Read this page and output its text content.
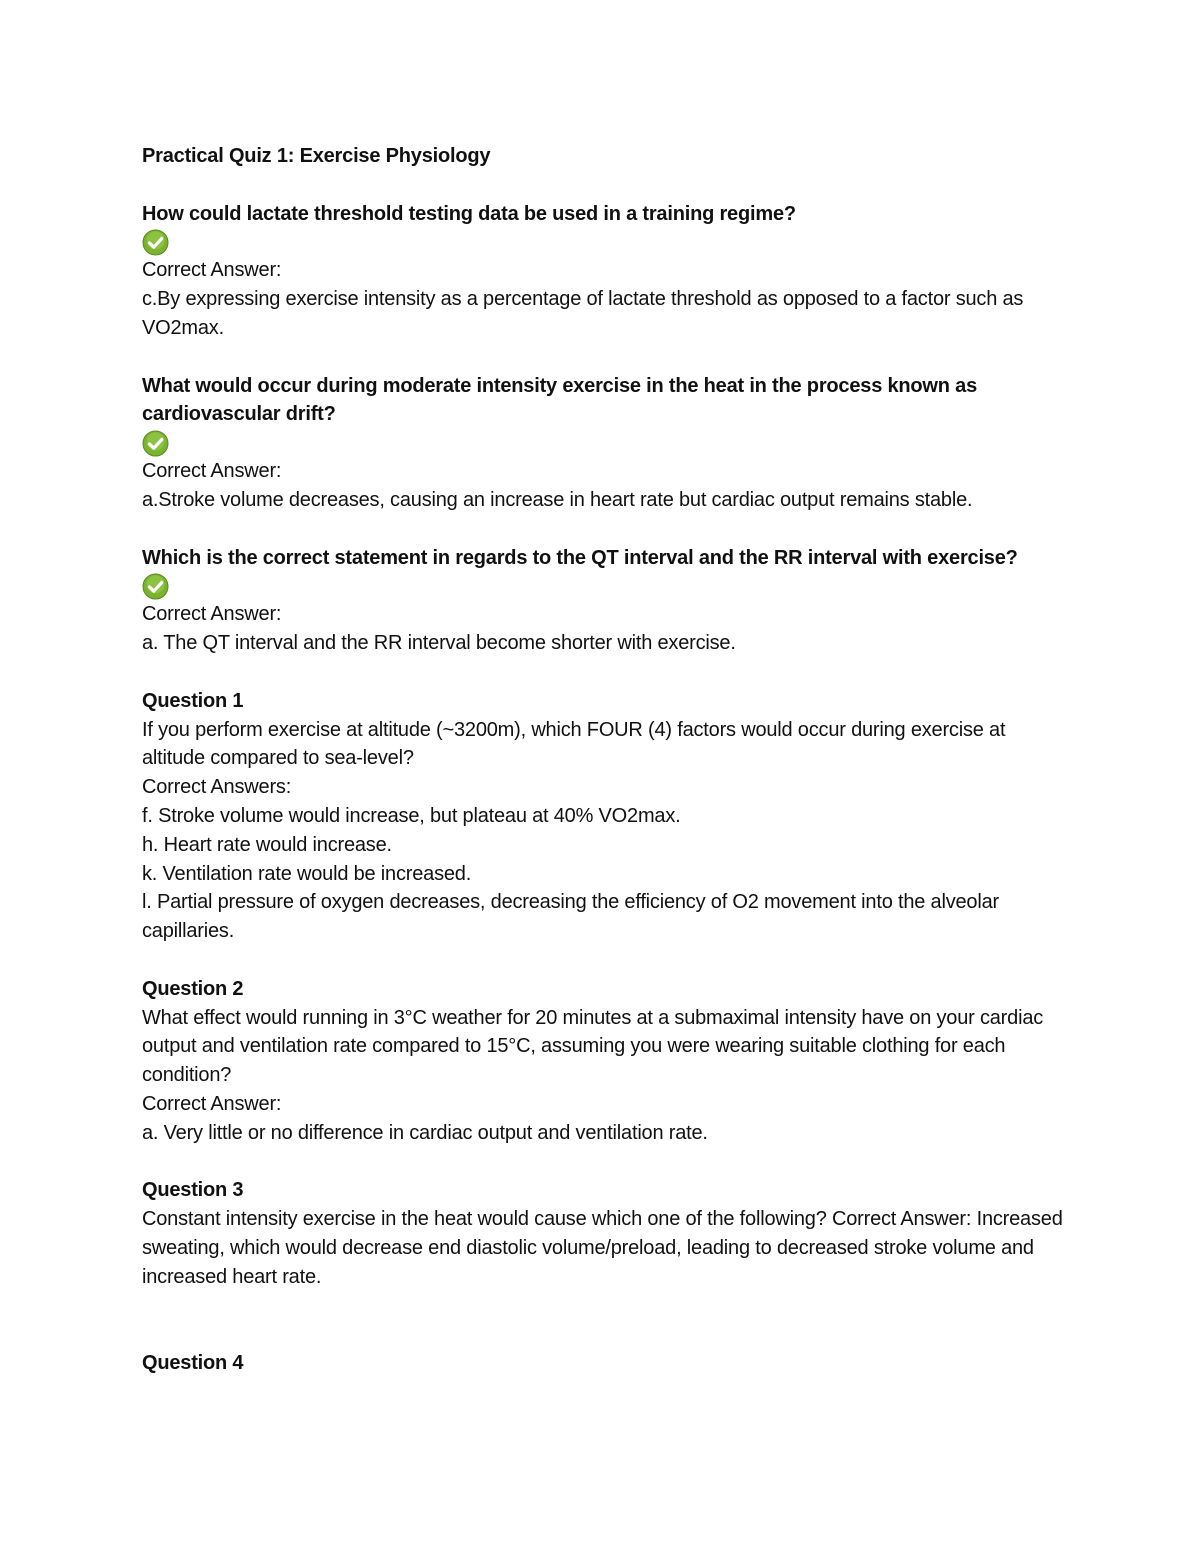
Practical Quiz 1: Exercise Physiology
How could lactate threshold testing data be used in a training regime?
Correct Answer:
c.By expressing exercise intensity as a percentage of lactate threshold as opposed to a factor such as VO2max.
What would occur during moderate intensity exercise in the heat in the process known as cardiovascular drift?
Correct Answer:
a.Stroke volume decreases, causing an increase in heart rate but cardiac output remains stable.
Which is the correct statement in regards to the QT interval and the RR interval with exercise?
Correct Answer:
a. The QT interval and the RR interval become shorter with exercise.
Question 1
If you perform exercise at altitude (~3200m), which FOUR (4) factors would occur during exercise at altitude compared to sea-level?
Correct Answers:
f. Stroke volume would increase, but plateau at 40% VO2max.
h. Heart rate would increase.
k. Ventilation rate would be increased.
l. Partial pressure of oxygen decreases, decreasing the efficiency of O2 movement into the alveolar capillaries.
Question 2
What effect would running in 3°C weather for 20 minutes at a submaximal intensity have on your cardiac output and ventilation rate compared to 15°C, assuming you were wearing suitable clothing for each condition?
Correct Answer:
a. Very little or no difference in cardiac output and ventilation rate.
Question 3
Constant intensity exercise in the heat would cause which one of the following? Correct Answer: Increased sweating, which would decrease end diastolic volume/preload, leading to decreased stroke volume and increased heart rate.
Question 4
